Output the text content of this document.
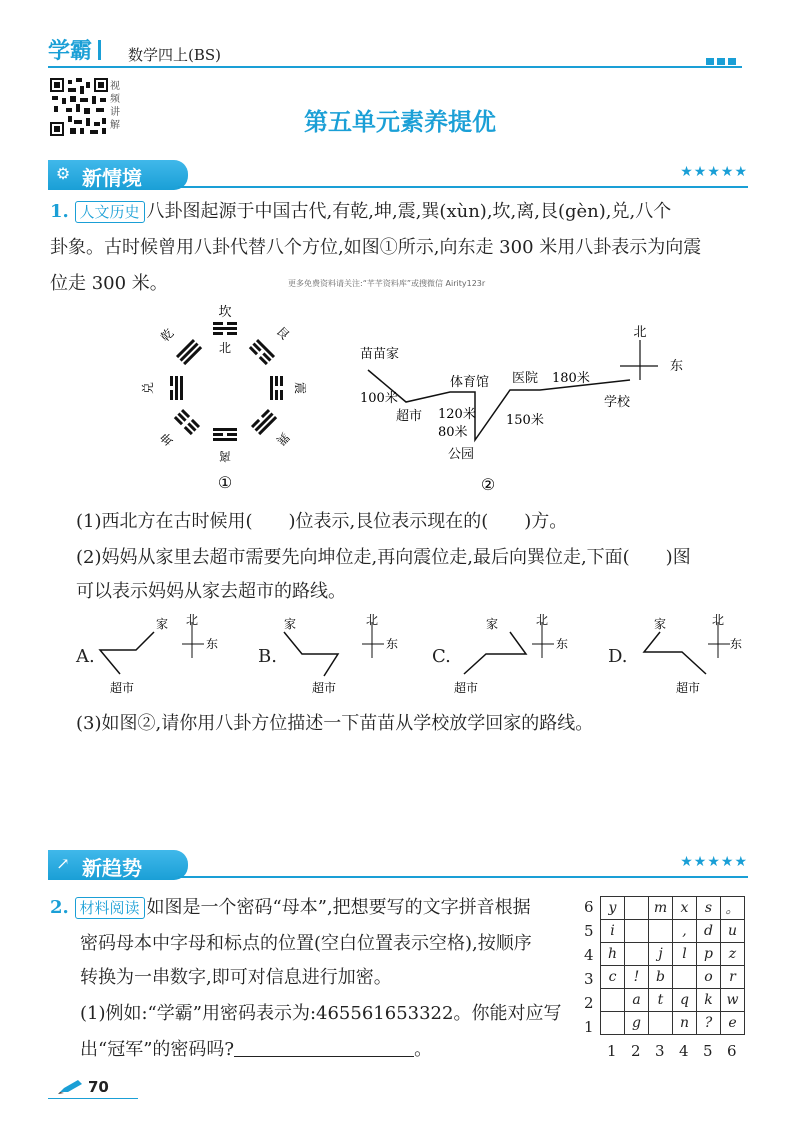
学霸	数学四上(BS)
视频讲解	第五单元素养提优
⚙ 新情境	★★★★★
1. 人文历史 八卦图起源于中国古代,有乾,坤,震,巽(xùn),坎,离,艮(gèn),兑,八个
卦象。古时候曾用八卦代替八个方位,如图①所示,向东走 300 米用八卦表示为向震
位走 300 米。	更多免费资料请关注:“芊芊资料库”或搜微信 Airity123r
坎
北
艮
震
巽
离
坤
兑
乾
①
北
东
苗苗家
超市
体育馆
公园
医院
学校
100米
120米
80米
150米
180米
②
(1)西北方在古时候用(　　)位表示,艮位表示现在的(　　)方。
(2)妈妈从家里去超市需要先向坤位走,再向震位走,最后向巽位走,下面(　　)图
可以表示妈妈从家去超市的路线。
A.
家
超市
北
东
B.
家
超市
北
东
C.
家
超市
北
东
D.
家
超市
北
东
(3)如图②,请你用八卦方位描述一下苗苗从学校放学回家的路线。
↗ 新趋势	★★★★★
2. 材料阅读 如图是一个密码“母本”,把想要写的文字拼音根据
密码母本中字母和标点的位置(空白位置表示空格),按顺序
转换为一串数字,即可对信息进行加密。
(1)例如:“学霸”用密码表示为:465561653322。你能对应写
出“冠军”的密码吗?	。
y		m	x	s	。
i			,	d	u
h		j	l	p	z
c	!	b		o	r
	a	t	q	k	w
	g		n	?	e
6
5
4
3
2
1
1 2 3 4 5 6
70
